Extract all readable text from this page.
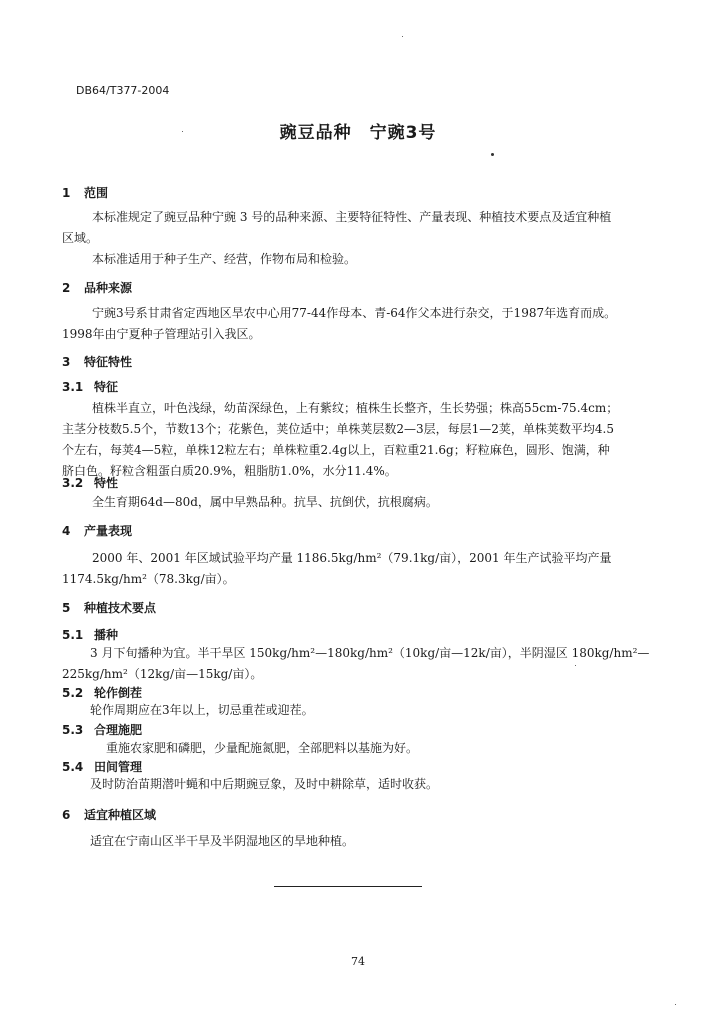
DB64/T377-2004
豌豆品种　宁豌3号
1 范围
本标准规定了豌豆品种宁豌 3 号的品种来源、主要特征特性、产量表现、种植技术要点及适宜种植
区域。
本标准适用于种子生产、经营，作物布局和检验。
2 品种来源
宁豌3号系甘肃省定西地区旱农中心用77-44作母本、青-64作父本进行杂交，于1987年选育而成。
1998年由宁夏种子管理站引入我区。
3 特征特性
3.1 特征
植株半直立，叶色浅绿，幼苗深绿色，上有紫纹；植株生长整齐，生长势强；株高55cm-75.4cm；
主茎分枝数5.5个，节数13个；花紫色，荚位适中；单株荚层数2—3层，每层1—2荚，单株荚数平均4.5
个左右，每荚4—5粒，单株12粒左右；单株粒重2.4g以上，百粒重21.6g；籽粒麻色，圆形、饱满，种
脐白色。籽粒含粗蛋白质20.9%，粗脂肪1.0%，水分11.4%。
3.2 特性
全生育期64d—80d，属中早熟品种。抗旱、抗倒伏，抗根腐病。
4 产量表现
2000 年、2001 年区域试验平均产量 1186.5kg/hm²（79.1kg/亩），2001 年生产试验平均产量
1174.5kg/hm²（78.3kg/亩）。
5 种植技术要点
5.1 播种
3 月下旬播种为宜。半干旱区 150kg/hm²—180kg/hm²（10kg/亩—12k/亩），半阴湿区 180kg/hm²—
225kg/hm²（12kg/亩—15kg/亩）。
5.2 轮作倒茬
轮作周期应在3年以上，切忌重茬或迎茬。
5.3 合理施肥
重施农家肥和磷肥，少量配施氮肥，全部肥料以基施为好。
5.4 田间管理
及时防治苗期潜叶蝇和中后期豌豆象，及时中耕除草，适时收获。
6 适宜种植区域
适宜在宁南山区半干旱及半阴湿地区的旱地种植。
74
